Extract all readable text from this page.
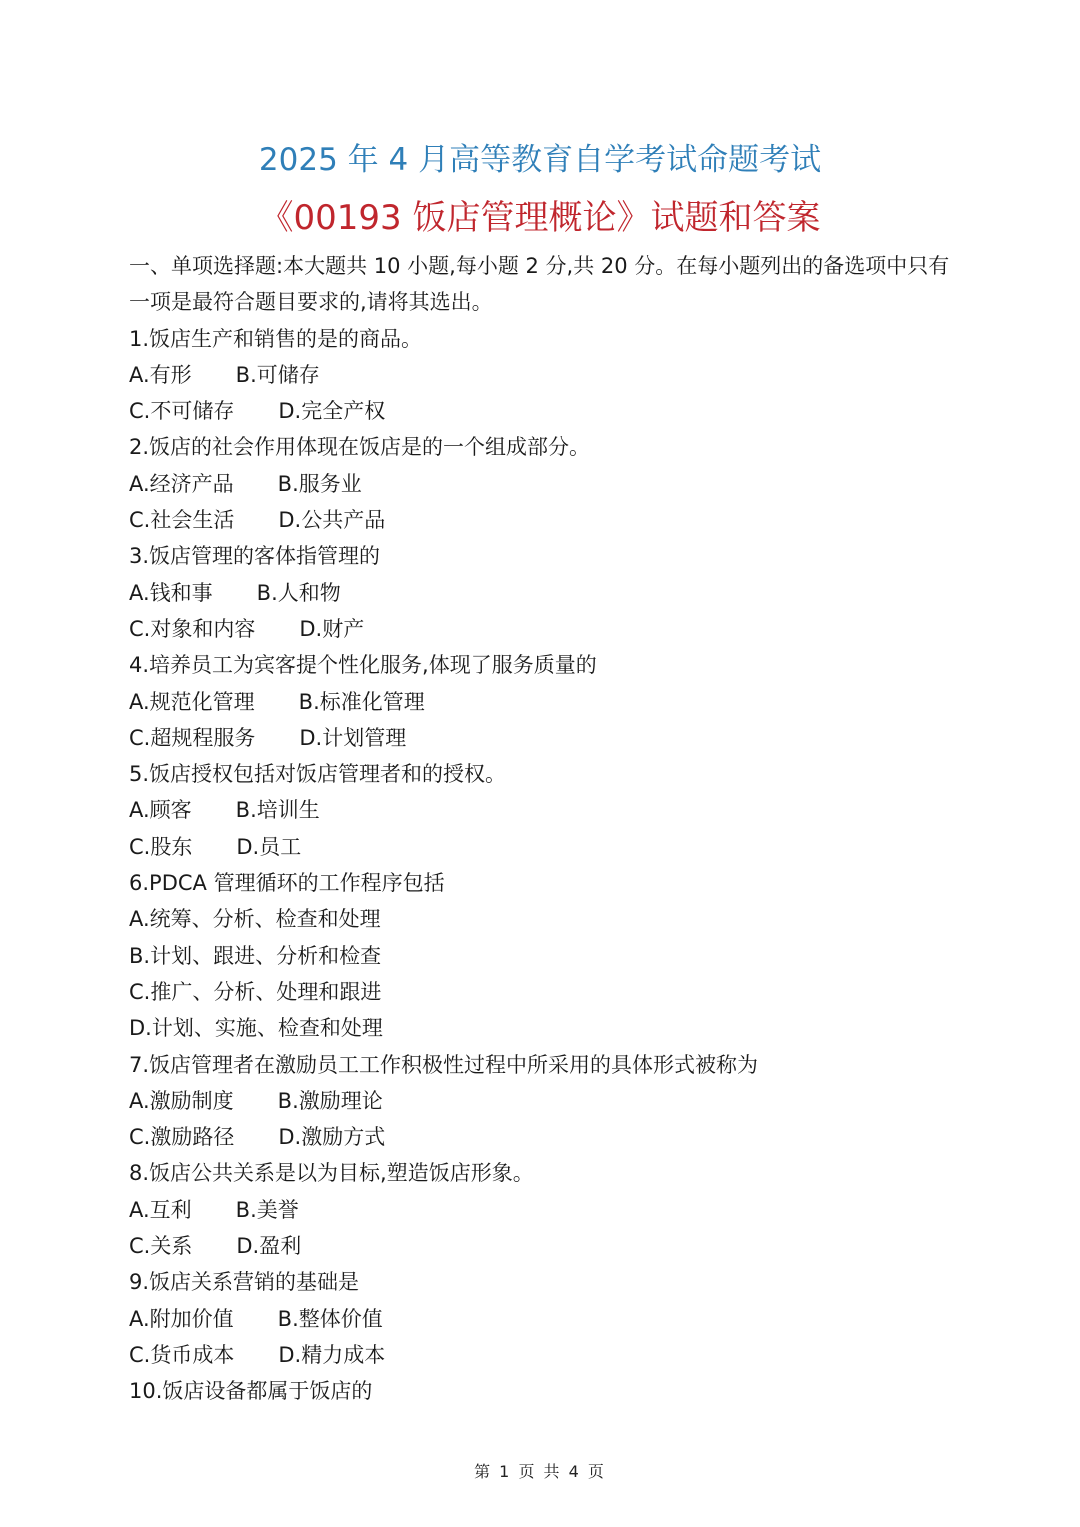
2025 年 4 月高等教育自学考试命题考试
《00193 饭店管理概论》试题和答案
一、单项选择题:本大题共 10 小题,每小题 2 分,共 20 分。在每小题列出的备选项中只有
一项是最符合题目要求的,请将其选出。
1.饭店生产和销售的是的商品。
A.有形 B.可储存
C.不可储存 D.完全产权
2.饭店的社会作用体现在饭店是的一个组成部分。
A.经济产品 B.服务业
C.社会生活 D.公共产品
3.饭店管理的客体指管理的
A.钱和事 B.人和物
C.对象和内容 D.财产
4.培养员工为宾客提个性化服务,体现了服务质量的
A.规范化管理 B.标准化管理
C.超规程服务 D.计划管理
5.饭店授权包括对饭店管理者和的授权。
A.顾客 B.培训生
C.股东 D.员工
6.PDCA 管理循环的工作程序包括
A.统筹、分析、检查和处理
B.计划、跟进、分析和检查
C.推广、分析、处理和跟进
D.计划、实施、检查和处理
7.饭店管理者在激励员工工作积极性过程中所采用的具体形式被称为
A.激励制度 B.激励理论
C.激励路径 D.激励方式
8.饭店公共关系是以为目标,塑造饭店形象。
A.互利 B.美誉
C.关系 D.盈利
9.饭店关系营销的基础是
A.附加价值 B.整体价值
C.货币成本 D.精力成本
10.饭店设备都属于饭店的
第 1 页 共 4 页
